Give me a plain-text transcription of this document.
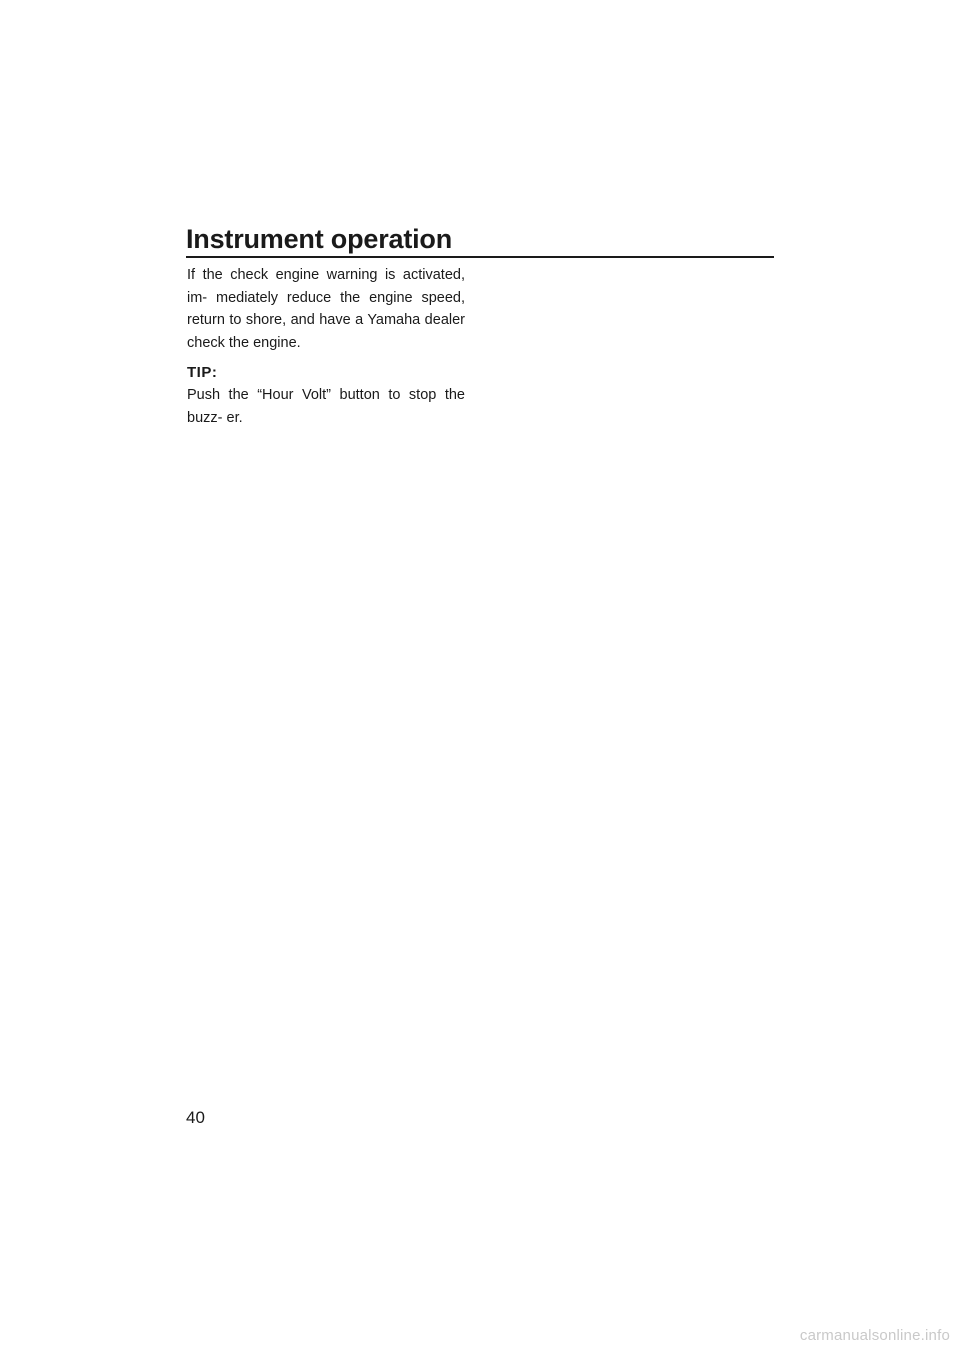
Instrument operation

If the check engine warning is activated, im- mediately reduce the engine speed, return to shore, and have a Yamaha dealer check the engine.

TIP:

Push the “Hour Volt” button to stop the buzz- er.

40
carmanualsonline.info
